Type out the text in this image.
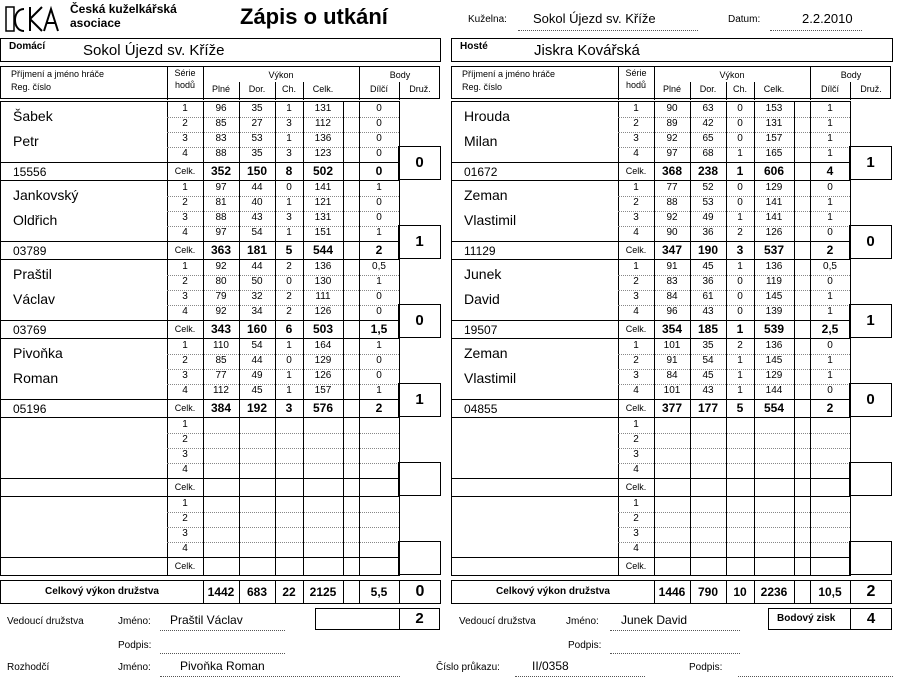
Česká kuželkářská
asociace	Zápis o utkání	Kuželna: Sokol Újezd sv. Kříže	Datum:	2.2.2010
Domácí	Sokol Újezd sv. Kříže
Příjmení a jméno hráče
Reg. číslo
Série
hodů
Výkon	Body
Plné	Dor.	Ch.	Celk.	Dílčí	Druž.
Šabek
Petr
15556
1	96	35	1	131	0
2	85	27	3	112	0
3	83	53	1	136	0
4	88	35	3	123	0
Celk.	352	150	8	502	0	0
Jankovský
Oldřich
03789
1	97	44	0	141	1
2	81	40	1	121	0
3	88	43	3	131	0
4	97	54	1	151	1
Celk.	363	181	5	544	2	1
Praštil
Václav
03769
1	92	44	2	136	0,5
2	80	50	0	130	1
3	79	32	2	111	0
4	92	34	2	126	0
Celk.	343	160	6	503	1,5	0
Pivoňka
Roman
05196
1	110	54	1	164	1
2	85	44	0	129	0
3	77	49	1	126	0
4	112	45	1	157	1
Celk.	384	192	3	576	2	1
1
2
3
4
Celk.
1
2
3
4
Celk.
Celkový výkon družstva	1442	683	22	2125	5,5	0
Hosté	Jiskra Kovářská
Příjmení a jméno hráče
Reg. číslo
Série
hodů
Výkon	Body
Plné	Dor.	Ch.	Celk.	Dílčí	Druž.
Hrouda
Milan
01672
1	90	63	0	153	1
2	89	42	0	131	1
3	92	65	0	157	1
4	97	68	1	165	1
Celk.	368	238	1	606	4	1
Zeman
Vlastimil
11129
1	77	52	0	129	0
2	88	53	0	141	1
3	92	49	1	141	1
4	90	36	2	126	0
Celk.	347	190	3	537	2	0
Junek
David
19507
1	91	45	1	136	0,5
2	83	36	0	119	0
3	84	61	0	145	1
4	96	43	0	139	1
Celk.	354	185	1	539	2,5	1
Zeman
Vlastimil
04855
1	101	35	2	136	0
2	91	54	1	145	1
3	84	45	1	129	1
4	101	43	1	144	0
Celk.	377	177	5	554	2	0
1
2
3
4
Celk.
1
2
3
4
Celk.
Celkový výkon družstva	1446	790	10	2236	10,5	2
Vedoucí družstva	Jméno: Praštil Václav
Podpis:
2	Vedoucí družstva	Jméno: Junek David
Podpis:
Bodový zisk	4
Rozhodčí	Jméno: Pivoňka Roman	Číslo průkazu:	II/0358	Podpis:
